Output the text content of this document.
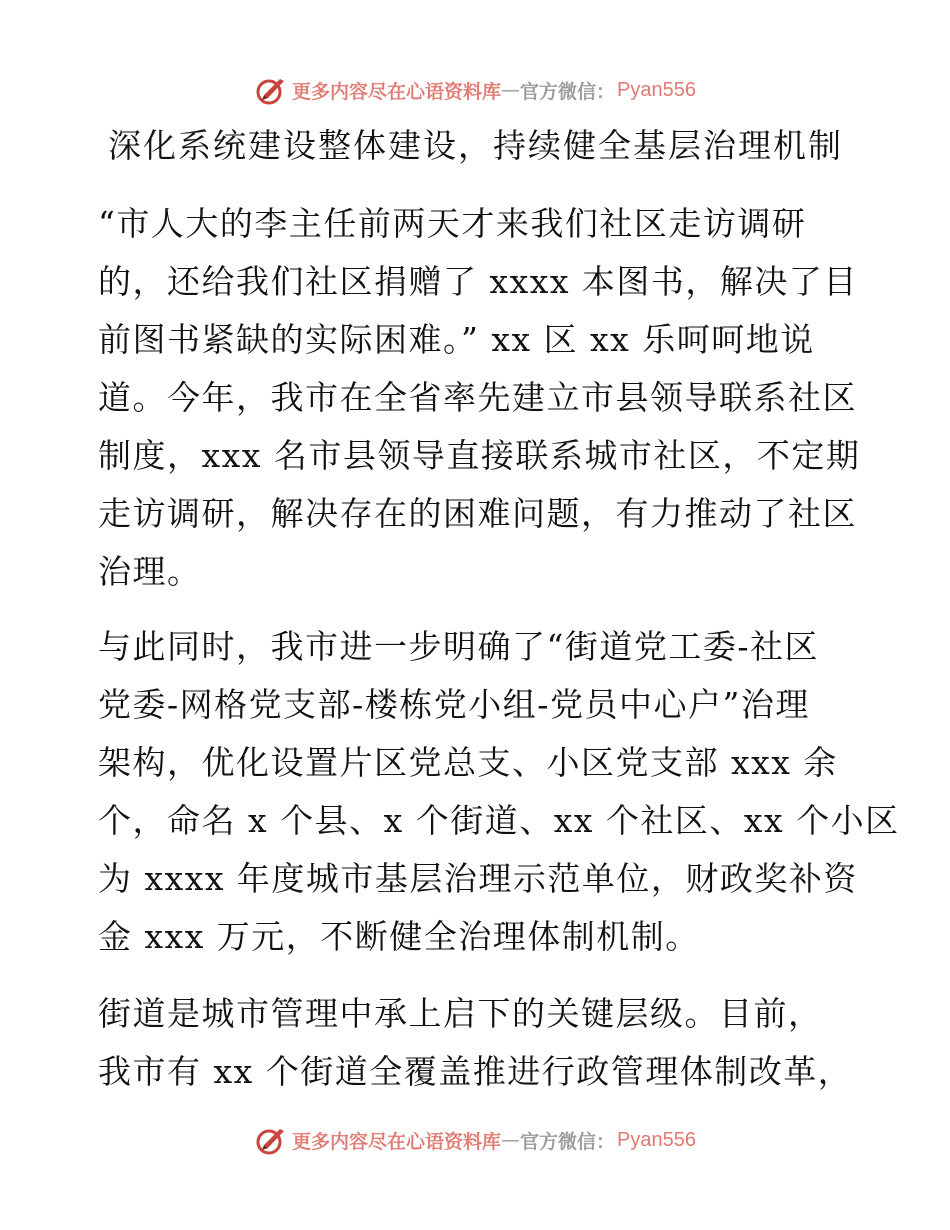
更多内容尽在心语资料库 — 官方微信： Pyan556
深化系统建设整体建设，持续健全基层治理机制
“市人大的李主任前两天才来我们社区走访调研
的，还给我们社区捐赠了 xxxx 本图书，解决了目
前图书紧缺的实际困难。” xx 区 xx 乐呵呵地说
道。今年，我市在全省率先建立市县领导联系社区
制度，xxx 名市县领导直接联系城市社区，不定期
走访调研，解决存在的困难问题，有力推动了社区
治理。
与此同时，我市进一步明确了“街道党工委-社区
党委-网格党支部-楼栋党小组-党员中心户”治理
架构，优化设置片区党总支、小区党支部 xxx 余
个，命名 x 个县、x 个街道、xx 个社区、xx 个小区
为 xxxx 年度城市基层治理示范单位，财政奖补资
金 xxx 万元，不断健全治理体制机制。
街道是城市管理中承上启下的关键层级。目前，
我市有 xx 个街道全覆盖推进行政管理体制改革，
更多内容尽在心语资料库 — 官方微信： Pyan556
